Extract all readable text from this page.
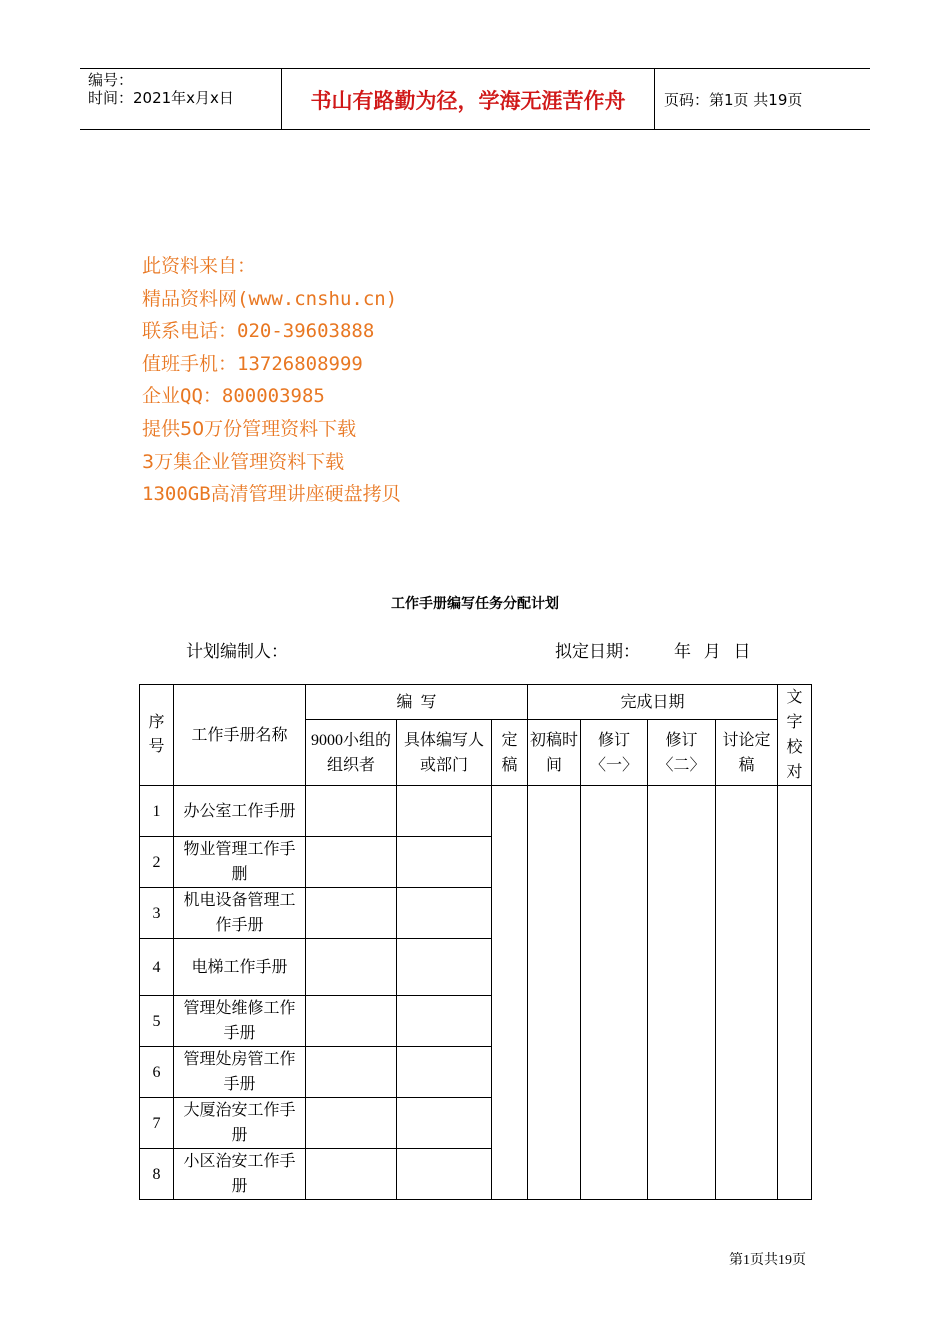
编号：
时间：2021年x月x日	书山有路勤为径，学海无涯苦作舟	页码：第1页 共19页
此资料来自：
精品资料网(www.cnshu.cn)
联系电话：020-39603888
值班手机：13726808999
企业QQ：800003985
提供50万份管理资料下载
3万集企业管理资料下载
1300GB高清管理讲座硬盘拷贝
工作手册编写任务分配计划
计划编制人：	拟定日期： 年 月 日
序号	工作手册名称	编  写			完成日期				文字校对
		9000小组的组织者	具体编写人或部门	定稿	初稿时间	修订〈一〉	修订〈二〉	讨论定稿	
1	办公室工作手册								
2	物业管理工作手删								
3	机电设备管理工作手册								
4	电梯工作手册								
5	管理处维修工作手册								
6	管理处房管工作手册								
7	大厦治安工作手册								
8	小区治安工作手册								
第1页共19页
